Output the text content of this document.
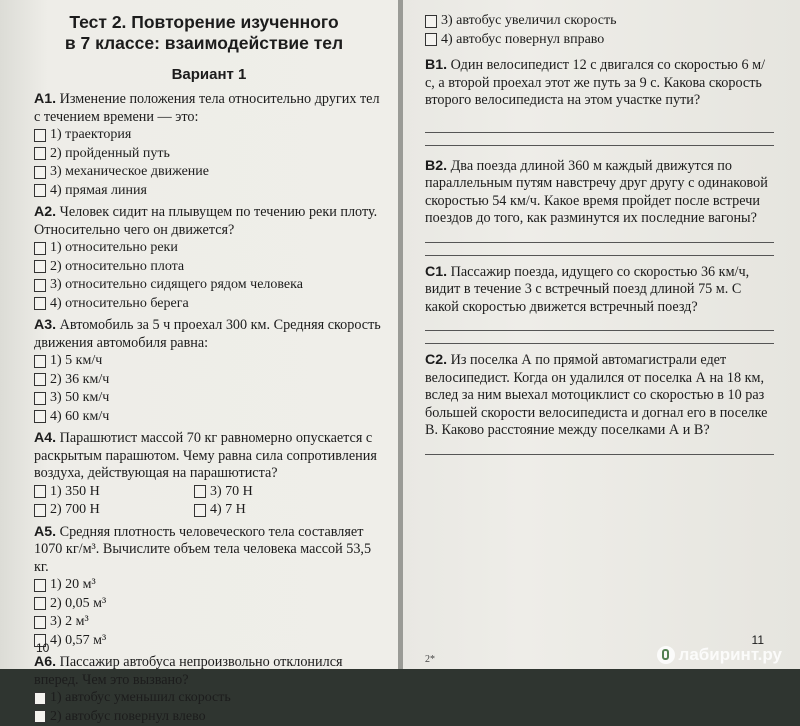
Тест 2. Повторение изученного
в 7 классе: взаимодействие тел
Вариант 1

А1. Изменение положения тела относительно других тел с течением времени — это:

1) траектория
2) пройденный путь
3) механическое движение
4) прямая линия

А2. Человек сидит на плывущем по течению реки плоту. Относительно чего он движется?

1) относительно реки
2) относительно плота
3) относительно сидящего рядом человека
4) относительно берега

А3. Автомобиль за 5 ч проехал 300 км. Средняя скорость движения автомобиля равна:

1) 5 км/ч
2) 36 км/ч
3) 50 км/ч
4) 60 км/ч

А4. Парашютист массой 70 кг равномерно опускается с раскрытым парашютом. Чему равна сила сопротивления воздуха, действующая на парашютиста?

1) 350 Н	3) 70 Н
2) 700 Н	4) 7 Н

А5. Средняя плотность человеческого тела составляет 1070 кг/м³. Вычислите объем тела человека массой 53,5 кг.

1) 20 м³
2) 0,05 м³
3) 2 м³
4) 0,57 м³

А6. Пассажир автобуса непроизвольно отклонился вперед. Чем это вызвано?

1) автобус уменьшил скорость
2) автобус повернул влево
10
3) автобус увеличил скорость
4) автобус повернул вправо

В1. Один велосипедист 12 с двигался со скоростью 6 м/с, а второй проехал этот же путь за 9 с. Какова скорость второго велосипедиста на этом участке пути?

В2. Два поезда длиной 360 м каждый движутся по параллельным путям навстречу друг другу с одинаковой скоростью 54 км/ч. Какое время пройдет после встречи поездов до того, как разминутся их последние вагоны?

С1. Пассажир поезда, идущего со скоростью 36 км/ч, видит в течение 3 с встречный поезд длиной 75 м. С какой скоростью движется встречный поезд?

С2. Из поселка А по прямой автомагистрали едет велосипедист. Когда он удалился от поселка А на 18 км, вслед за ним выехал мотоциклист со скоростью в 10 раз большей скорости велосипедиста и догнал его в поселке В. Каково расстояние между поселками А и В?

11
2*	лабиринт.ру
